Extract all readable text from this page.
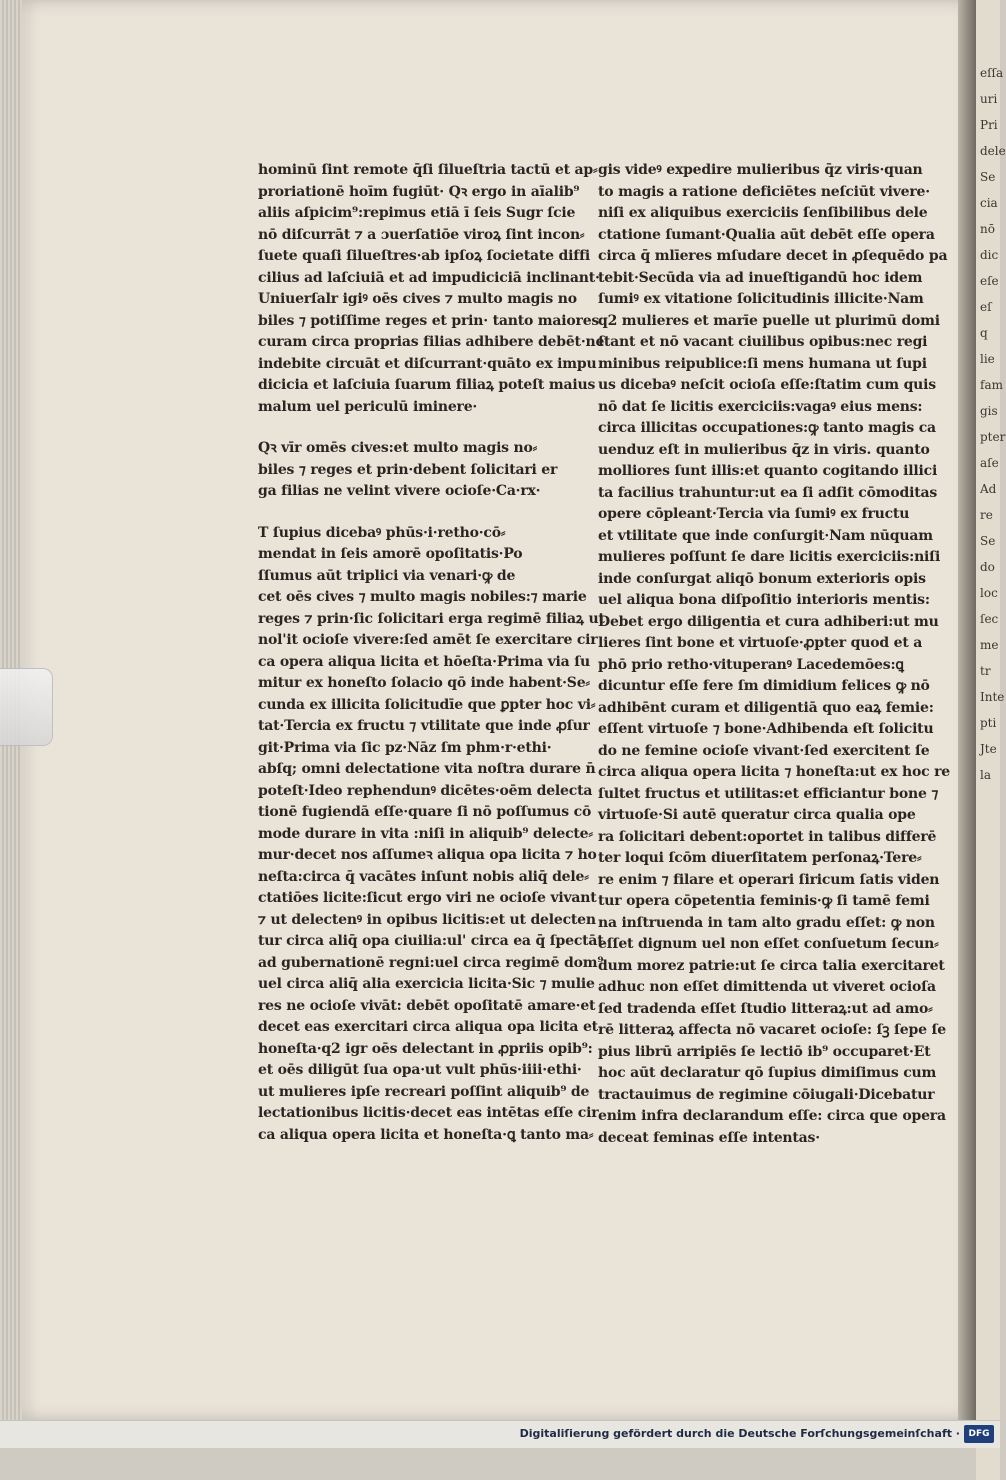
eſſa
uri
Pri
dele
Se
cia
nō
dic
eſe
eſ
q
lie
fam
gis
pter
aſe
Ad
re
Se
do
loc
ſec
me
tr
Inte
pti
Jte
la
hominū ſint remote q̄ſi ſilueſtria tactū et ap⸗
proriationē hoīm fugiūt· Qꝛ ergo in aīalib⁹
aliis aſpicim⁹:repimus etiā ī ſeis Sugr ſcie
nō diſcurrāt ⁊ a ɔuerſatiōe viroꝝ ſint incon⸗
ſuete quaſi ſilueſtres·ab ipſoꝝ ſocietate diffi
cilius ad laſciuiā et ad impudiciciā inclinant·
Uniuerſalr igiꝰ oēs cives ⁊ multo magis no
biles ⁊ potiſſime reges et prin· tanto maiores
curam circa proprias filias adhibere debēt·ne
indebite circuāt et diſcurrant·quāto ex impu
dicicia et laſciuia ſuarum filiaꝝ poteſt maius
malum uel periculū iminere·
Qꝛ vīr omēs cives:et multo magis no⸗
biles ⁊ reges et prin·debent ſolicitari er
ga filias ne velint vivere ocioſe·Ca·rx·
T ſupius dicebaꝰ phūs·i·retho·cō⸗
mendat in ſeis amorē opoſitatis·Po
ſſumus aūt triplici via venari·ꝙ de
cet oēs cives ⁊ multo magis nobiles:⁊ marie
reges ⁊ prin·ſic ſolicitari erga regimē filiaꝝ ut
nol'it ocioſe vivere:ſed amēt ſe exercitare cir
ca opera aliqua licita et hōeſta·Prima via ſu
mitur ex honeſto ſolacio qō inde habent·Se⸗
cunda ex illicita ſolicitudīe que ꝑpter hoc vi⸗
tat·Tercia ex fructu ⁊ vtilitate que inde ꝓſur
git·Prima via ſic pz·Nāz ſm phm·r·ethi·
abſq; omni delectatione vita noſtra durare n̄
poteſt·Ideo rephendunꝰ dicētes·oēm delecta
tionē fugiendā eſſe·quare ſi nō poſſumus cō
mode durare in vita :niſi in aliquib⁹ delecte⸗
mur·decet nos aſſumeꝛ aliqua opa licita ⁊ ho
neſta:circa q̄ vacātes inſunt nobis aliq̄ dele⸗
ctatiōes licite:ſicut ergo viri ne ocioſe vivant
⁊ ut delectenꝰ in opibus licitis:et ut delecten
tur circa aliq̄ opa ciuilia:ul' circa ea q̄ ſpectāt
ad gubernationē regni:uel circa regimē dom⁹
uel circa aliq̄ alia exercicia licita·Sic ⁊ mulie
res ne ocioſe vivāt: debēt opoſitatē amare·et
decet eas exercitari circa aliqua opa licita et
honeſta·q2 igr oēs delectant in ꝓpriis opib⁹:
et oēs diligūt ſua opa·ut vult phūs·iiii·ethi·
ut mulieres ipſe recreari poſſint aliquib⁹ de
lectationibus licitis·decet eas intētas eſſe cir
ca aliqua opera licita et honeſta·ꝗ tanto ma⸗
gis videꝰ expedire mulieribus q̄z viris·quan
to magis a ratione deficiētes neſciūt vivere·
niſi ex aliquibus exerciciis ſenſibilibus dele
ctatione ſumant·Qualia aūt debēt eſſe opera
circa q̄ mlīeres mſudare decet in ꝓſequēdo pa
tebit·Secūda via ad inueſtigandū hoc idem
ſumiꝰ ex vitatione ſolicitudinis illicite·Nam
q2 mulieres et marīe puelle ut plurimū domi
ſtant et nō vacant ciuilibus opibus:nec regi
minibus reipublice:ſi mens humana ut ſupi
us dicebaꝰ neſcit ocioſa eſſe:ſtatim cum quis
nō dat ſe licitis exerciciis:vagaꝰ eius mens:
circa illicitas occupationes:ꝙ tanto magis ca
uenduz eſt in mulieribus q̄z in viris. quanto
molliores ſunt illis:et quanto cogitando illici
ta facilius trahuntur:ut ea ſi adſit cōmoditas
opere cōpleant·Tercia via ſumiꝰ ex fructu
et vtilitate que inde conſurgit·Nam nūquam
mulieres poſſunt ſe dare licitis exerciciis:niſi
inde conſurgat aliqō bonum exterioris opis
uel aliqua bona diſpoſitio interioris mentis:
Debet ergo diligentia et cura adhiberi:ut mu
lieres ſint bone et virtuoſe·ꝓpter quod et a
phō prio retho·vituperanꝰ Lacedemōes:ꝗ
dicuntur eſſe fere ſm dimidium felices ꝙ nō
adhibēnt curam et diligentiā quo eaꝝ femie:
eſſent virtuoſe ⁊ bone·Adhibenda eſt ſolicitu
do ne femine ocioſe vivant·ſed exercitent ſe
circa aliqua opera licita ⁊ honeſta:ut ex hoc re
ſultet fructus et utilitas:et efficiantur bone ⁊
virtuoſe·Si autē queratur circa qualia ope
ra ſolicitari debent:oportet in talibus differē
ter loqui ſcōm diuerſitatem perſonaꝝ·Tere⸗
re enim ⁊ filare et operari ſiricum ſatis viden
tur opera cōpetentia feminis·ꝙ ſi tamē femi
na inſtruenda in tam alto gradu eſſet: ꝙ non
eſſet dignum uel non eſſet conſuetum ſecun⸗
dum morez patrie:ut ſe circa talia exercitaret
adhuc non eſſet dimittenda ut viveret ocioſa
ſed tradenda eſſet ſtudio litteraꝝ:ut ad amo⸗
rē litteraꝝ affecta nō vacaret ocioſe: ſꝫ ſepe ſe
pius librū arripiēs ſe lectiō ib⁹ occuparet·Et
hoc aūt declaratur qō ſupius dimiſimus cum
tractauimus de regimine cōiugali·Dicebatur
enim infra declarandum eſſe: circa que opera
deceat feminas eſſe intentas·
Digitaliſierung gefördert durch die Deutsche Forſchungsgemeinſchaft · DFG
